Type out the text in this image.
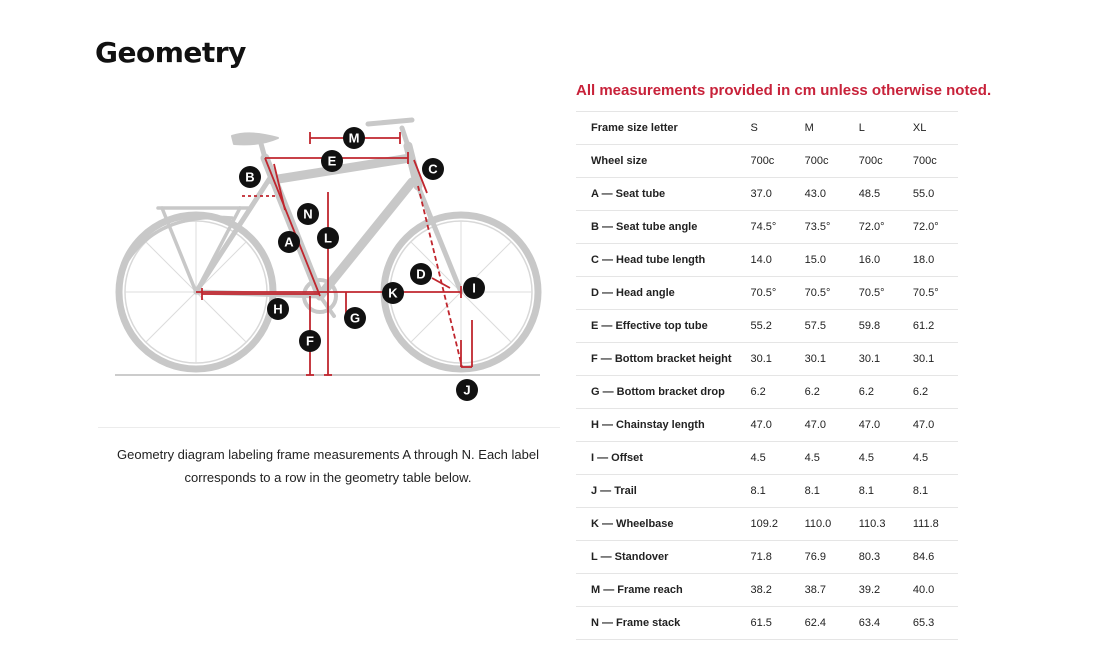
Geometry
M
E
C
B
N
L
A
D
I
K
H
G
F
J

Geometry diagram labeling frame measurements A through N. Each label corresponds to a row in the geometry table below.

All measurements provided in cm unless otherwise noted.

Frame size letter	S	M	L	XL
Wheel size	700c	700c	700c	700c
A — Seat tube	37.0	43.0	48.5	55.0
B — Seat tube angle	74.5°	73.5°	72.0°	72.0°
C — Head tube length	14.0	15.0	16.0	18.0
D — Head angle	70.5°	70.5°	70.5°	70.5°
E — Effective top tube	55.2	57.5	59.8	61.2
F — Bottom bracket height	30.1	30.1	30.1	30.1
G — Bottom bracket drop	6.2	6.2	6.2	6.2
H — Chainstay length	47.0	47.0	47.0	47.0
I — Offset	4.5	4.5	4.5	4.5
J — Trail	8.1	8.1	8.1	8.1
K — Wheelbase	109.2	110.0	110.3	111.8
L — Standover	71.8	76.9	80.3	84.6
M — Frame reach	38.2	38.7	39.2	40.0
N — Frame stack	61.5	62.4	63.4	65.3
